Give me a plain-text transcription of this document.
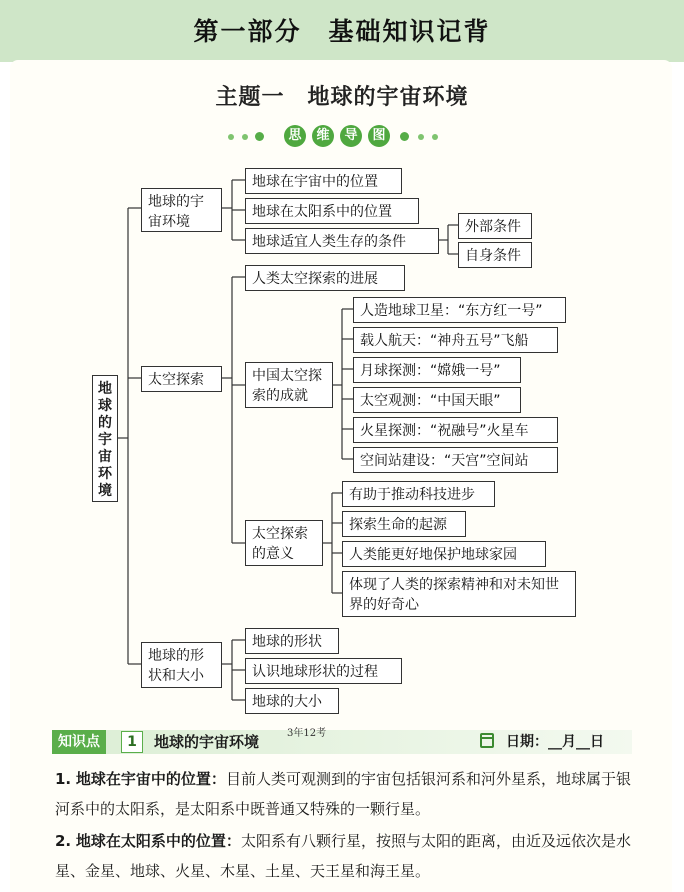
第一部分　基础知识记背
主题一　地球的宇宙环境
思	维	导	图
地球的宇宙环境
地球的宇宙环境
地球在宇宙中的位置
地球在太阳系中的位置
地球适宜人类生存的条件
外部条件
自身条件
太空探索
人类太空探索的进展
中国太空探索的成就
人造地球卫星：“东方红一号”
载人航天：“神舟五号”飞船
月球探测：“嫦娥一号”
太空观测：“中国天眼”
火星探测：“祝融号”火星车
空间站建设：“天宫”空间站
太空探索的意义
有助于推动科技进步
探索生命的起源
人类能更好地保护地球家园
体现了人类的探索精神和对未知世界的好奇心
地球的形状和大小
地球的形状
认识地球形状的过程
地球的大小
知识点	1	地球的宇宙环境	3年12考
日期：__月__日
1. 地球在宇宙中的位置：目前人类可观测到的宇宙包括银河系和河外星系，地球属于银河系中的太阳系，是太阳系中既普通又特殊的一颗行星。
2. 地球在太阳系中的位置：太阳系有八颗行星，按照与太阳的距离，由近及远依次是水星、金星、地球、火星、木星、土星、天王星和海王星。
